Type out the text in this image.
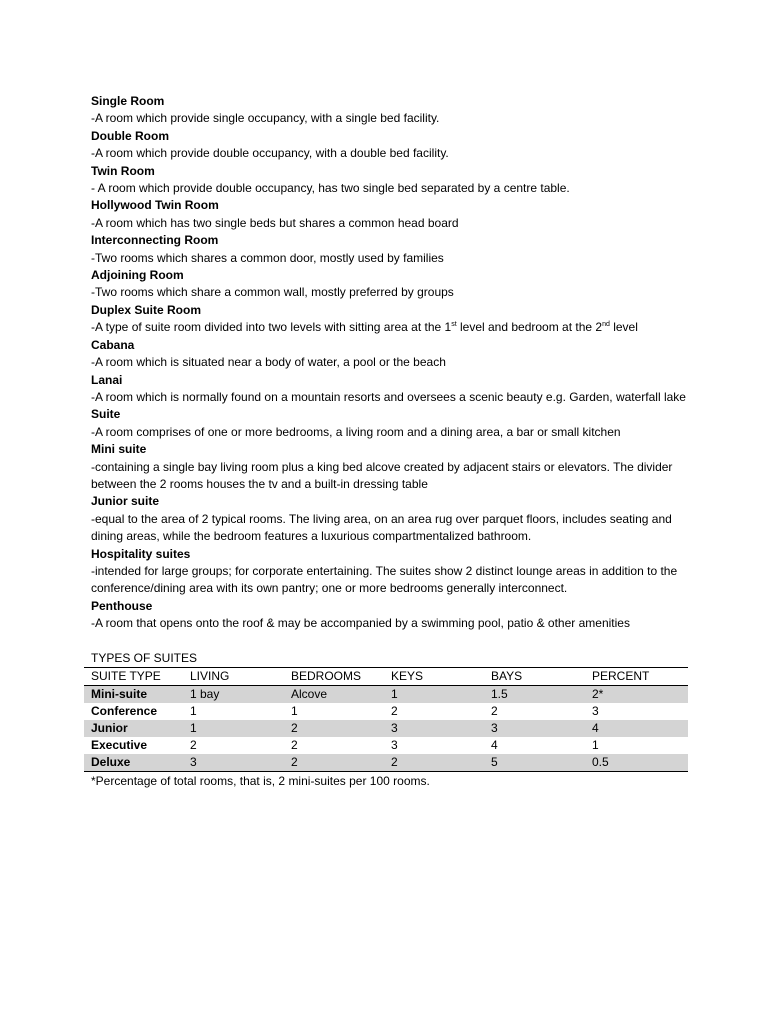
Single Room
-A room which provide single occupancy, with a single bed facility.
Double Room
-A room which provide double occupancy, with a double bed facility.
Twin Room
- A room which provide double occupancy, has two single bed separated by a centre table.
Hollywood Twin Room
-A room which has two single beds but shares a common head board
Interconnecting Room
-Two rooms which shares a common door, mostly used by families
Adjoining Room
-Two rooms which share a common wall, mostly preferred by groups
Duplex Suite Room
-A type of suite room divided into two levels with sitting area at the 1st level and bedroom at the 2nd level
Cabana
-A room which is situated near a body of water, a pool or the beach
Lanai
-A room which is normally found on a mountain resorts and oversees a scenic beauty e.g. Garden, waterfall lake
Suite
-A room comprises of one or more bedrooms, a living room and a dining area, a bar or small kitchen
Mini suite
-containing a single bay living room plus a king bed alcove created by adjacent stairs or elevators. The divider between the 2 rooms houses the tv and a built-in dressing table
Junior suite
-equal to the area of 2 typical rooms. The living area, on an area rug over parquet floors, includes seating and dining areas, while the bedroom features a luxurious compartmentalized bathroom.
Hospitality suites
-intended for large groups; for corporate entertaining. The suites show 2 distinct lounge areas in addition to the conference/dining area with its own pantry; one or more bedrooms generally interconnect.
Penthouse
-A room that opens onto the roof & may be accompanied by a swimming pool, patio & other amenities
TYPES OF SUITES
SUITE TYPE	LIVING	BEDROOMS	KEYS	BAYS	PERCENT
Mini-suite	1 bay	Alcove	1	1.5	2*
Conference	1	1	2	2	3
Junior	1	2	3	3	4
Executive	2	2	3	4	1
Deluxe	3	2	2	5	0.5
*Percentage of total rooms, that is, 2 mini-suites per 100 rooms.
